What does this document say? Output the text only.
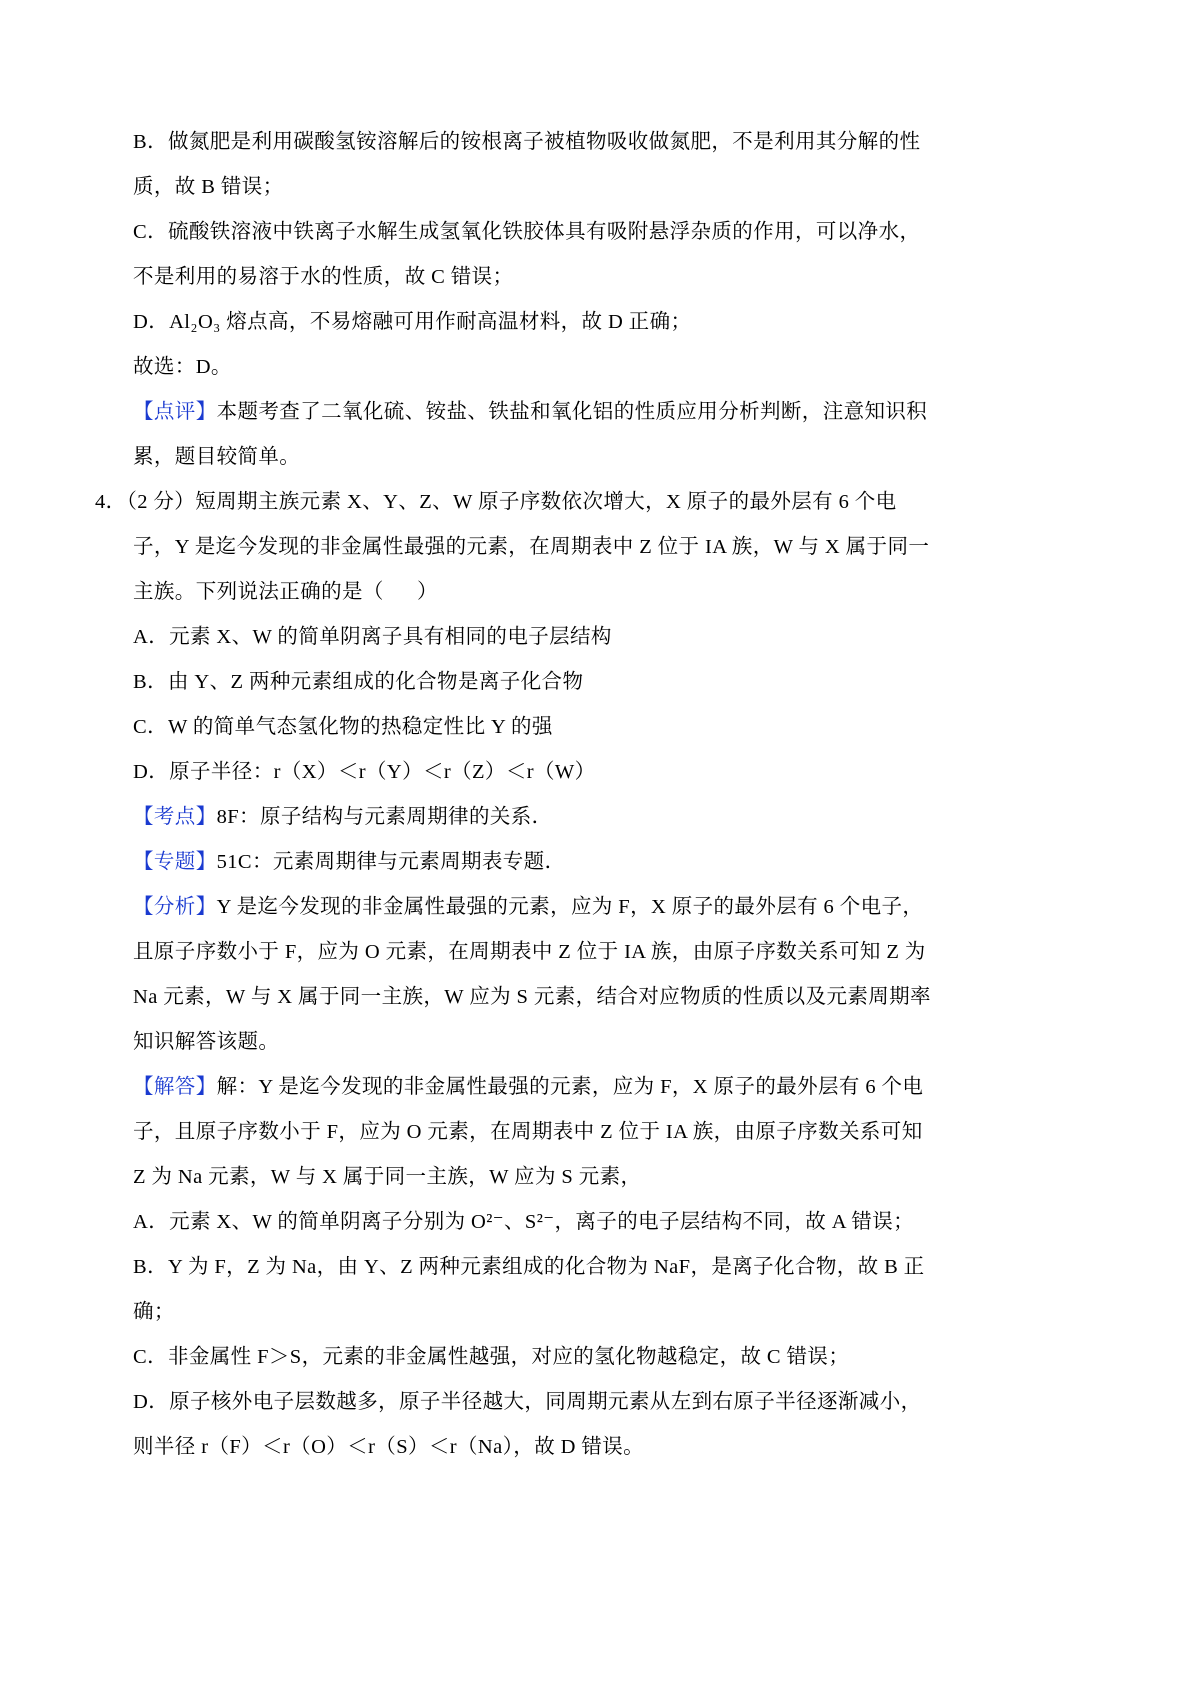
B．做氮肥是利用碳酸氢铵溶解后的铵根离子被植物吸收做氮肥，不是利用其分解的性
质，故 B 错误；
C．硫酸铁溶液中铁离子水解生成氢氧化铁胶体具有吸附悬浮杂质的作用，可以净水，
不是利用的易溶于水的性质，故 C 错误；
D．Al₂O₃ 熔点高，不易熔融可用作耐高温材料，故 D 正确；
故选：D。
【点评】本题考查了二氧化硫、铵盐、铁盐和氧化铝的性质应用分析判断，注意知识积
累，题目较简单。
4．（2 分）短周期主族元素 X、Y、Z、W 原子序数依次增大，X 原子的最外层有 6 个电
子，Y 是迄今发现的非金属性最强的元素，在周期表中 Z 位于 IA 族，W 与 X 属于同一
主族。下列说法正确的是（      ）
A．元素 X、W 的简单阴离子具有相同的电子层结构
B．由 Y、Z 两种元素组成的化合物是离子化合物
C．W 的简单气态氢化物的热稳定性比 Y 的强
D．原子半径：r（X）＜r（Y）＜r（Z）＜r（W）
【考点】8F：原子结构与元素周期律的关系．
【专题】51C：元素周期律与元素周期表专题．
【分析】Y 是迄今发现的非金属性最强的元素，应为 F，X 原子的最外层有 6 个电子，
且原子序数小于 F，应为 O 元素，在周期表中 Z 位于 IA 族，由原子序数关系可知 Z 为
Na 元素，W 与 X 属于同一主族，W 应为 S 元素，结合对应物质的性质以及元素周期率
知识解答该题。
【解答】解：Y 是迄今发现的非金属性最强的元素，应为 F，X 原子的最外层有 6 个电
子，且原子序数小于 F，应为 O 元素，在周期表中 Z 位于 IA 族，由原子序数关系可知
Z 为 Na 元素，W 与 X 属于同一主族，W 应为 S 元素，
A．元素 X、W 的简单阴离子分别为 O²⁻、S²⁻，离子的电子层结构不同，故 A 错误；
B．Y 为 F，Z 为 Na，由 Y、Z 两种元素组成的化合物为 NaF，是离子化合物，故 B 正
确；
C．非金属性 F＞S，元素的非金属性越强，对应的氢化物越稳定，故 C 错误；
D．原子核外电子层数越多，原子半径越大，同周期元素从左到右原子半径逐渐减小，
则半径 r（F）＜r（O）＜r（S）＜r（Na），故 D 错误。
